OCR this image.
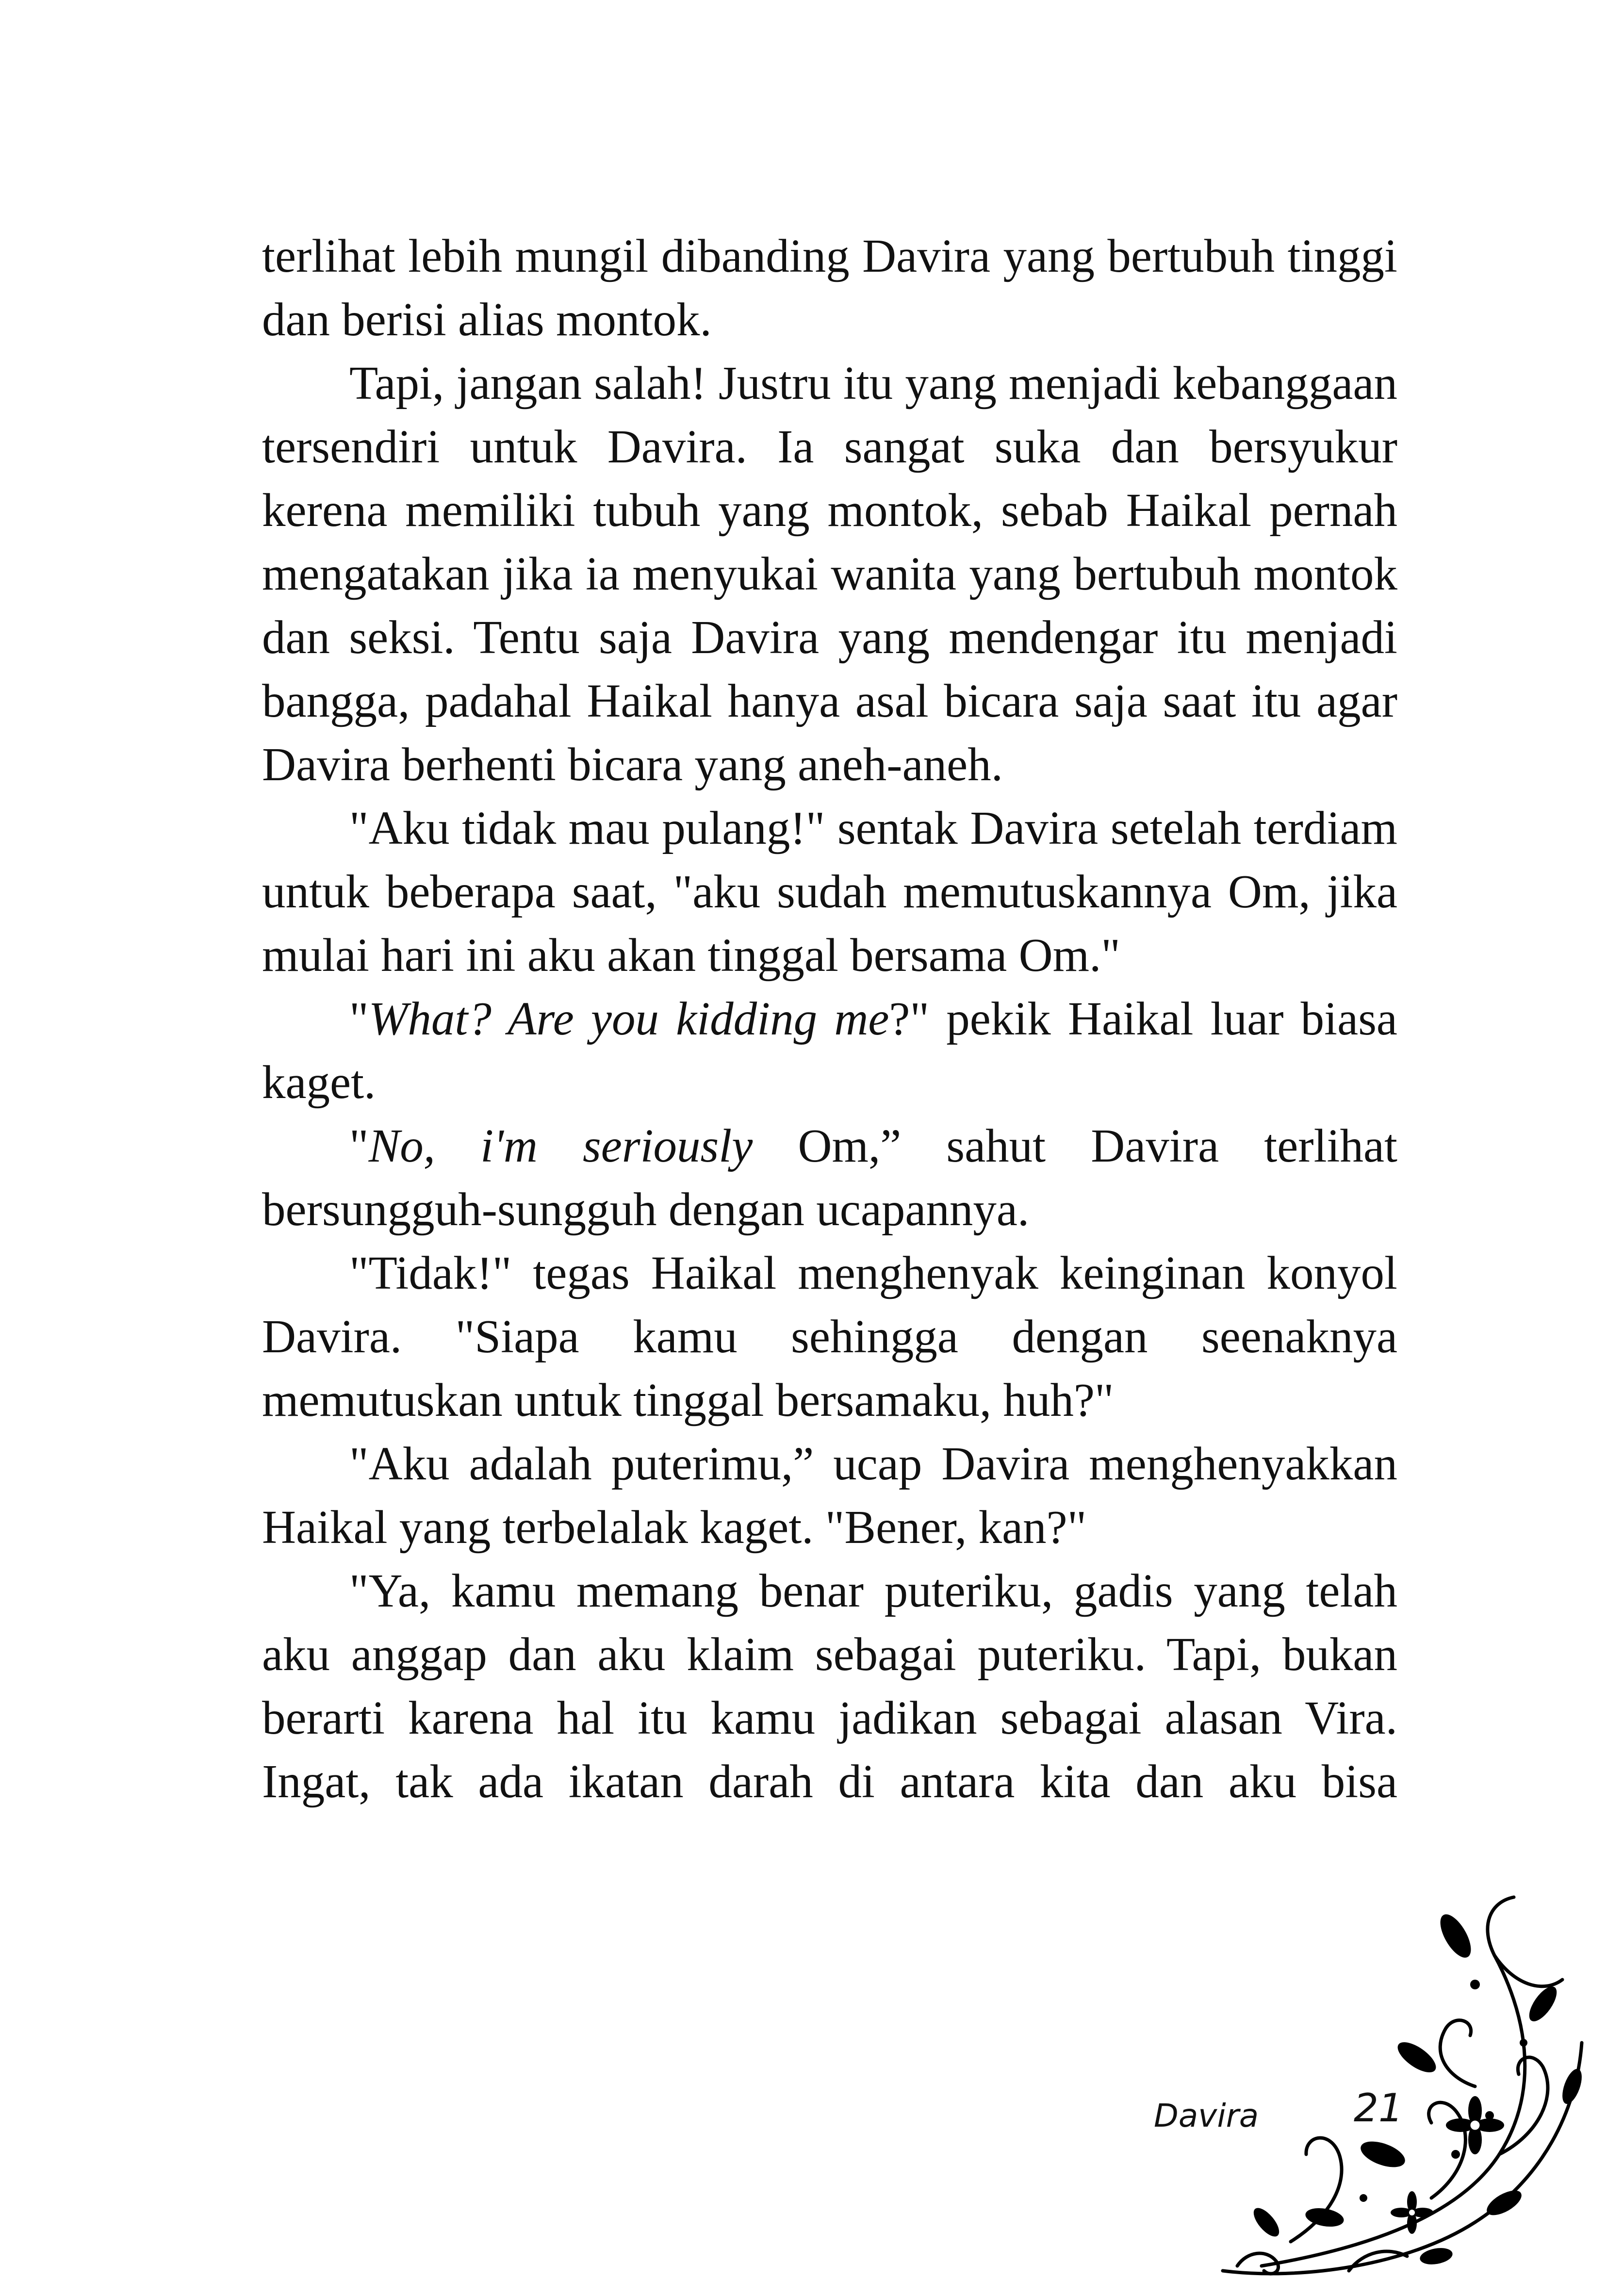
terlihat lebih mungil dibanding Davira yang bertubuh tinggi dan berisi alias montok.

Tapi, jangan salah! Justru itu yang menjadi kebanggaan tersendiri untuk Davira. Ia sangat suka dan bersyukur kerena memiliki tubuh yang montok, sebab Haikal pernah mengatakan jika ia menyukai wanita yang bertubuh montok dan seksi. Tentu saja Davira yang mendengar itu menjadi bangga, padahal Haikal hanya asal bicara saja saat itu agar Davira berhenti bicara yang aneh-aneh.

"Aku tidak mau pulang!" sentak Davira setelah terdiam untuk beberapa saat, "aku sudah memutuskannya Om, jika mulai hari ini aku akan tinggal bersama Om."

"What? Are you kidding me?" pekik Haikal luar biasa kaget.

"No, i'm seriously Om,” sahut Davira terlihat bersungguh-sungguh dengan ucapannya.

"Tidak!" tegas Haikal menghenyak keinginan konyol Davira. "Siapa kamu sehingga dengan seenaknya memutuskan untuk tinggal bersamaku, huh?"

"Aku adalah puterimu,” ucap Davira menghenyakkan Haikal yang terbelalak kaget. "Bener, kan?"

"Ya, kamu memang benar puteriku, gadis yang telah aku anggap dan aku klaim sebagai puteriku. Tapi, bukan berarti karena hal itu kamu jadikan sebagai alasan Vira. Ingat, tak ada ikatan darah di antara kita dan aku bisa

Davira 21
